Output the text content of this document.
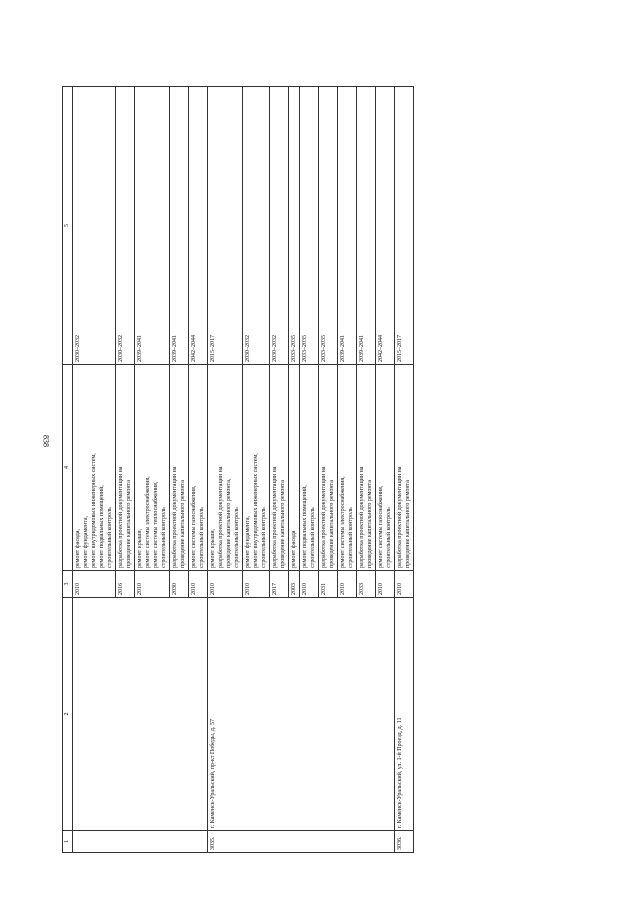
838
1	2	3	4	5
		2010	ремонт фасада,
ремонт фундамента,
ремонт внутридомовых инженерных систем,
ремонт подвальных помещений,
строительный контроль	2030–2032
		2016	разработка проектной документации на
проведение капитального ремонта	2030–2032
		2010	ремонт крыши,
ремонт системы электроснабжения,
ремонт системы теплоснабжения,
строительный контроль	2039–2041
		2030	разработка проектной документации на
проведение капитального ремонта	2039–2041
		2010	ремонт системы газоснабжения,
строительный контроль	2042–2044
3035.	г. Каменск-Уральский, пр-кт Победы, д. 57	2010	ремонт крыши,
разработка проектной документации на
проведение капитального ремонта,
строительный контроль	2015–2017
		2010	ремонт фундамента,
ремонт внутридомовых инженерных систем,
строительный контроль	2030–2032
		2017	разработка проектной документации на
проведение капитального ремонта	2030–2032
		2003	ремонт фасада	2033–2035
		2010	ремонт подвальных помещений,
строительный контроль	2033–2035
		2031	разработка проектной документации на
проведение капитального ремонта	2033–2035
		2010	ремонт системы электроснабжения,
строительный контроль	2039–2041
		2033	разработка проектной документации на
проведение капитального ремонта	2039–2041
		2010	ремонт системы газоснабжения,
строительный контроль	2042–2044
3036.	г. Каменск-Уральский, ул. 1-й Проезд, д. 11	2010	разработка проектной документации на
проведение капитального ремонта	2015–2017
